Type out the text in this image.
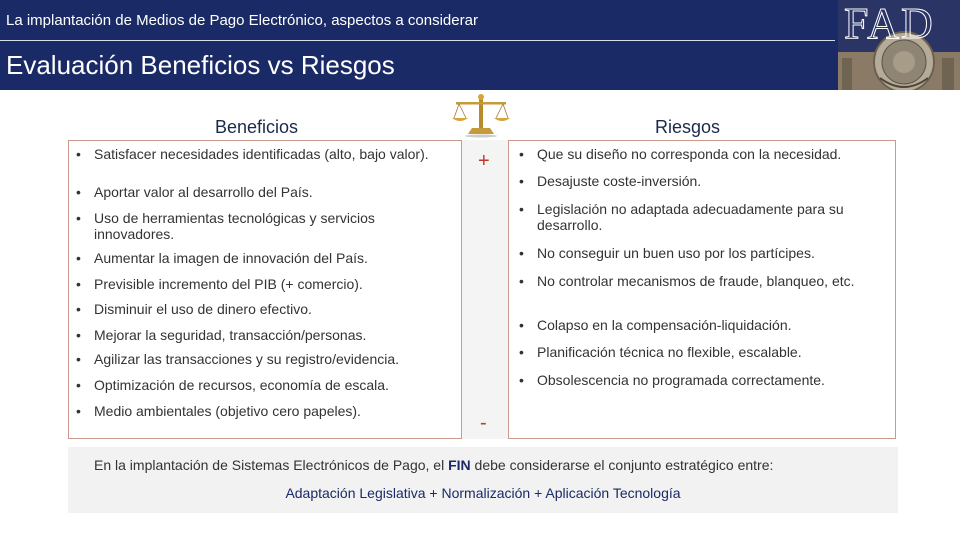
La implantación de Medios de Pago Electrónico, aspectos a considerar
Evaluación Beneficios vs Riesgos
FAD
Beneficios	Riesgos
+
-
• Satisfacer necesidades identificadas (alto, bajo valor).
• Aportar valor al desarrollo del País.
• Uso de herramientas tecnológicas y servicios innovadores.
• Aumentar la imagen de innovación del País.
• Previsible incremento del PIB (+ comercio).
• Disminuir el uso de dinero efectivo.
• Mejorar la seguridad, transacción/personas.
• Agilizar las transacciones y su registro/evidencia.
• Optimización de recursos, economía de escala.
• Medio ambientales (objetivo cero papeles).
• Que su diseño no corresponda con la necesidad.
• Desajuste coste-inversión.
• Legislación no adaptada adecuadamente para su desarrollo.
• No conseguir un buen uso por los partícipes.
• No controlar mecanismos de fraude, blanqueo, etc.
• Colapso en la compensación-liquidación.
• Planificación técnica no flexible, escalable.
• Obsolescencia no programada correctamente.
En la implantación de Sistemas Electrónicos de Pago, el FIN debe considerarse el conjunto estratégico entre:
Adaptación Legislativa + Normalización + Aplicación Tecnología
